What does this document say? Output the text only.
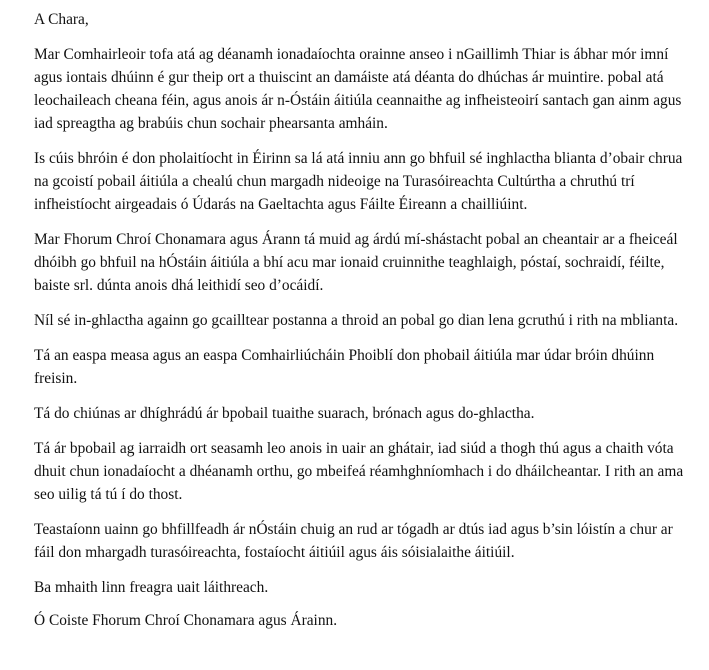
A Chara,

Mar Comhairleoir tofa atá ag déanamh ionadaíochta orainne anseo i nGaillimh Thiar is ábhar mór imní agus iontais dhúinn é gur theip ort a thuiscint an damáiste atá déanta do dhúchas ár muintire. pobal atá leochaileach cheana féin, agus anois ár n-Óstáin áitiúla ceannaithe ag infheisteoirí santach gan ainm agus iad spreagtha ag brabúis chun sochair phearsanta amháin.

Is cúis bhróin é don pholaitíocht in Éirinn sa lá atá inniu ann go bhfuil sé inghlactha blianta d’obair chrua na gcoistí pobail áitiúla a chealú chun margadh nideoige na Turasóireachta Cultúrtha a chruthú trí infheistíocht airgeadais ó Údarás na Gaeltachta agus Fáilte Éireann a chailliúint.

Mar Fhorum Chroí Chonamara agus Árann tá muid ag árdú mí-shástacht pobal an cheantair ar a fheiceál dhóibh go bhfuil na hÓstáin áitiúla a bhí acu mar ionaid cruinnithe teaghlaigh, póstaí, sochraidí, féilte, baiste srl. dúnta anois dhá leithidí seo d’ocáidí.

Níl sé in-ghlactha againn go gcailltear postanna a throid an pobal go dian lena gcruthú i rith na mblianta.

Tá an easpa measa agus an easpa Comhairliúcháin Phoiblí don phobail áitiúla mar údar bróin dhúinn freisin.

Tá do chiúnas ar dhíghrádú ár bpobail tuaithe suarach, brónach agus do-ghlactha.

Tá ár bpobail ag iarraidh ort seasamh leo anois in uair an ghátair, iad siúd a thogh thú agus a chaith vóta dhuit chun ionadaíocht a dhéanamh orthu, go mbeifeá réamhghníomhach i do dháilcheantar. I rith an ama seo uilig tá tú í do thost.

Teastaíonn uainn go bhfillfeadh ár nÓstáin chuig an rud ar tógadh ar dtús iad agus b’sin lóistín a chur ar fáil don mhargadh turasóireachta, fostaíocht áitiúil agus áis sóisialaithe áitiúil.

Ba mhaith linn freagra uait láithreach.

Ó Coiste Fhorum Chroí Chonamara agus Árainn.
